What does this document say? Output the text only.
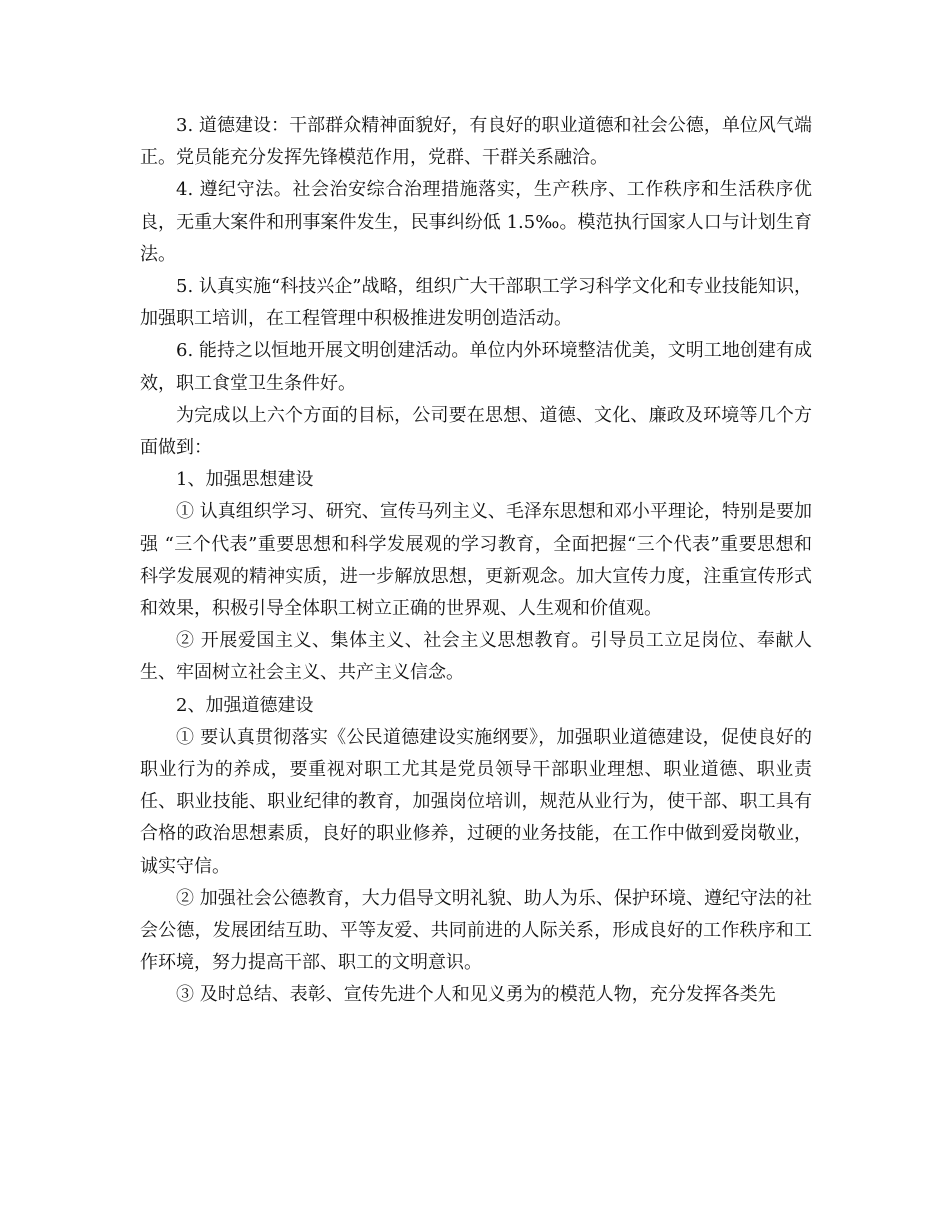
3. 道德建设：干部群众精神面貌好，有良好的职业道德和社会公德，单位风气端正。党员能充分发挥先锋模范作用，党群、干群关系融洽。

4. 遵纪守法。社会治安综合治理措施落实，生产秩序、工作秩序和生活秩序优良，无重大案件和刑事案件发生，民事纠纷低 1.5‰。模范执行国家人口与计划生育法。

5. 认真实施“科技兴企”战略，组织广大干部职工学习科学文化和专业技能知识，加强职工培训，在工程管理中积极推进发明创造活动。

6. 能持之以恒地开展文明创建活动。单位内外环境整洁优美，文明工地创建有成效，职工食堂卫生条件好。

为完成以上六个方面的目标，公司要在思想、道德、文化、廉政及环境等几个方面做到：

1、加强思想建设

① 认真组织学习、研究、宣传马列主义、毛泽东思想和邓小平理论，特别是要加强 “三个代表”重要思想和科学发展观的学习教育，全面把握“三个代表”重要思想和科学发展观的精神实质，进一步解放思想，更新观念。加大宣传力度，注重宣传形式和效果，积极引导全体职工树立正确的世界观、人生观和价值观。

② 开展爱国主义、集体主义、社会主义思想教育。引导员工立足岗位、奉献人生、牢固树立社会主义、共产主义信念。

2、加强道德建设

① 要认真贯彻落实《公民道德建设实施纲要》，加强职业道德建设，促使良好的职业行为的养成，要重视对职工尤其是党员领导干部职业理想、职业道德、职业责任、职业技能、职业纪律的教育，加强岗位培训，规范从业行为，使干部、职工具有合格的政治思想素质，良好的职业修养，过硬的业务技能，在工作中做到爱岗敬业，诚实守信。

② 加强社会公德教育，大力倡导文明礼貌、助人为乐、保护环境、遵纪守法的社会公德，发展团结互助、平等友爱、共同前进的人际关系，形成良好的工作秩序和工作环境，努力提高干部、职工的文明意识。

③ 及时总结、表彰、宣传先进个人和见义勇为的模范人物，充分发挥各类先
